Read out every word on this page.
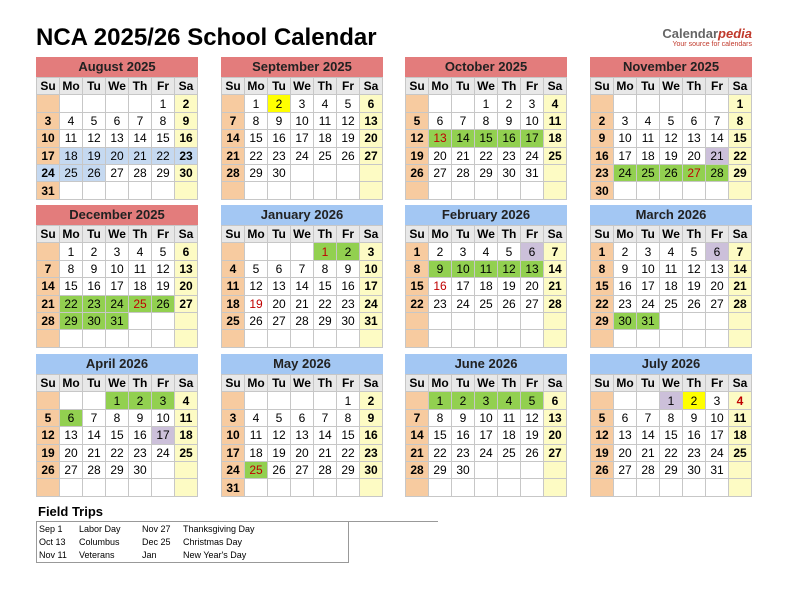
NCA 2025/26 School Calendar	Calendarpedia
Your source for calendars
August 2025
Su	Mo	Tu	We	Th	Fr	Sa
					1	2
3	4	5	6	7	8	9
10	11	12	13	14	15	16
17	18	19	20	21	22	23
24	25	26	27	28	29	30
31						
September 2025
Su	Mo	Tu	We	Th	Fr	Sa
	1	2	3	4	5	6
7	8	9	10	11	12	13
14	15	16	17	18	19	20
21	22	23	24	25	26	27
28	29	30				

October 2025
Su	Mo	Tu	We	Th	Fr	Sa
			1	2	3	4
5	6	7	8	9	10	11
12	13	14	15	16	17	18
19	20	21	22	23	24	25
26	27	28	29	30	31	

November 2025
Su	Mo	Tu	We	Th	Fr	Sa
						1
2	3	4	5	6	7	8
9	10	11	12	13	14	15
16	17	18	19	20	21	22
23	24	25	26	27	28	29
30						
December 2025
Su	Mo	Tu	We	Th	Fr	Sa
	1	2	3	4	5	6
7	8	9	10	11	12	13
14	15	16	17	18	19	20
21	22	23	24	25	26	27
28	29	30	31			

January 2026
Su	Mo	Tu	We	Th	Fr	Sa
				1	2	3
4	5	6	7	8	9	10
11	12	13	14	15	16	17
18	19	20	21	22	23	24
25	26	27	28	29	30	31

February 2026
Su	Mo	Tu	We	Th	Fr	Sa
1	2	3	4	5	6	7
8	9	10	11	12	13	14
15	16	17	18	19	20	21
22	23	24	25	26	27	28

March 2026
Su	Mo	Tu	We	Th	Fr	Sa
1	2	3	4	5	6	7
8	9	10	11	12	13	14
15	16	17	18	19	20	21
22	23	24	25	26	27	28
29	30	31				

April 2026
Su	Mo	Tu	We	Th	Fr	Sa
			1	2	3	4
5	6	7	8	9	10	11
12	13	14	15	16	17	18
19	20	21	22	23	24	25
26	27	28	29	30		

May 2026
Su	Mo	Tu	We	Th	Fr	Sa
					1	2
3	4	5	6	7	8	9
10	11	12	13	14	15	16
17	18	19	20	21	22	23
24	25	26	27	28	29	30
31						
June 2026
Su	Mo	Tu	We	Th	Fr	Sa
	1	2	3	4	5	6
7	8	9	10	11	12	13
14	15	16	17	18	19	20
21	22	23	24	25	26	27
28	29	30				

July 2026
Su	Mo	Tu	We	Th	Fr	Sa
			1	2	3	4
5	6	7	8	9	10	11
12	13	14	15	16	17	18
19	20	21	22	23	24	25
26	27	28	29	30	31	

Field Trips
Sep 1 Labor Day Nov 27 Thanksgiving Day
Oct 13 Columbus Dec 25 Christmas Day
Nov 11 Veterans	Jan	New Year's Day
